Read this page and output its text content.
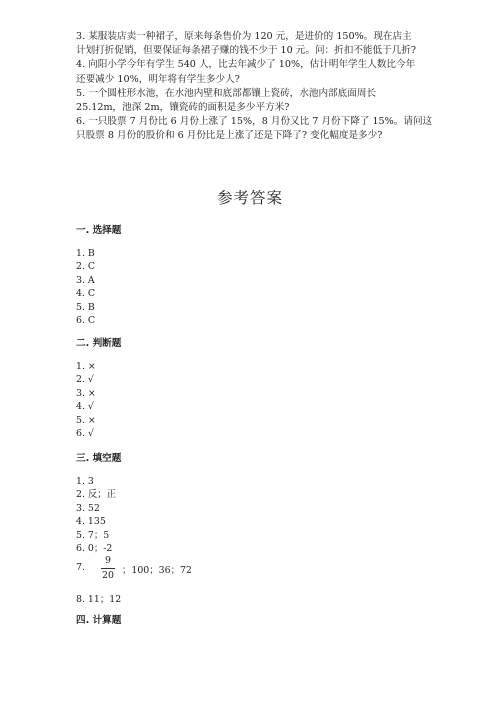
3. 某服装店卖一种裙子，原来每条售价为 120 元，是进价的 150%。现在店主
计划打折促销，但要保证每条裙子赚的钱不少于 10 元。问：折扣不能低于几折?
4. 向阳小学今年有学生 540 人，比去年减少了 10%，估计明年学生人数比今年
还要减少 10%，明年将有学生多少人?
5. 一个圆柱形水池，在水池内壁和底部都镶上瓷砖，水池内部底面周长
25.12m，池深 2m，镶瓷砖的面积是多少平方米?
6. 一只股票 7 月份比 6 月份上涨了 15%，8 月份又比 7 月份下降了 15%。请问这
只股票 8 月份的股价和 6 月份比是上涨了还是下降了? 变化幅度是多少?
参考答案
一. 选择题
1. B
2. C
3. A
4. C
5. B
6. C
二. 判断题
1. ×
2. √
3. ×
4. √
5. ×
6. √
三. 填空题
1. 3
2. 反；正
3. 52
4. 135
5. 7；5
6. 0；-2
7.
9
20 ；100；36；72
8. 11；12
四. 计算题
